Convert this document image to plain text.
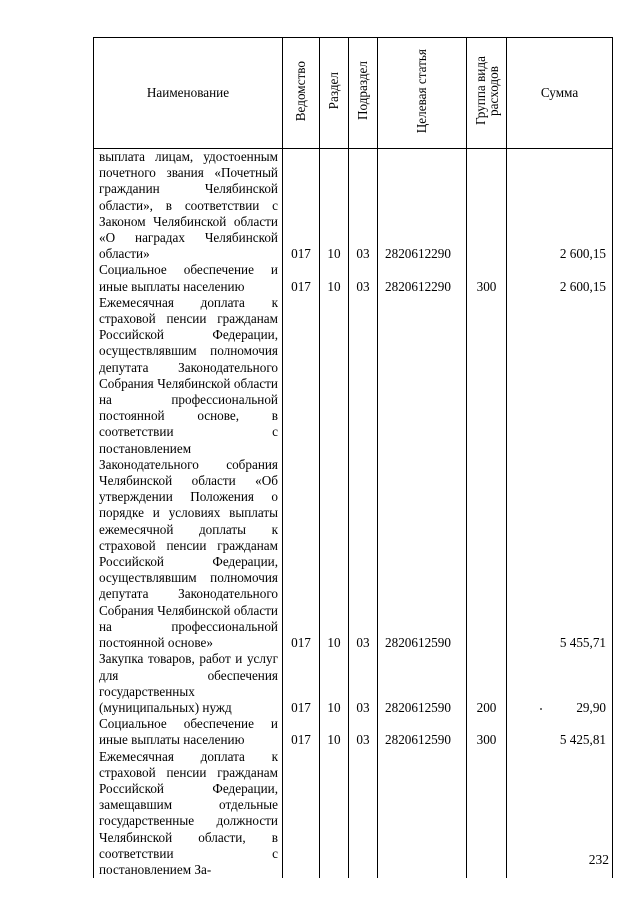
Наименование	Ведомство	Раздел	Подраздел	Целевая статья	Группа вида расходов	Сумма
выплата лицам, удостоенным почетного звания «Почетный гражданин Челябинской области», в соответствии с Законом Челябинской области «О наградах Челябинской области»	017	10	03	2820612290		2 600,15
Социальное обеспечение и иные выплаты населению	017	10	03	2820612290	300	2 600,15
Ежемесячная доплата к страховой пенсии гражданам Российской Федерации, осуществлявшим полномочия депутата Законодательного Собрания Челябинской области на профессиональной постоянной основе, в соответствии с постановлением Законодательного собрания Челябинской области «Об утверждении Положения о порядке и условиях выплаты ежемесячной доплаты к страховой пенсии гражданам Российской Федерации, осуществлявшим полномочия депутата Законодательного Собрания Челябинской области на профессиональной постоянной основе»	017	10	03	2820612590		5 455,71
Закупка товаров, работ и услуг для обеспечения государственных (муниципальных) нужд	017	10	03	2820612590	200	29,90
Социальное обеспечение и иные выплаты населению	017	10	03	2820612590	300	5 425,81
Ежемесячная доплата к страховой пенсии гражданам Российской Федерации, замещавшим отдельные государственные должности Челябинской области, в соответствии с постановлением За-						
232
